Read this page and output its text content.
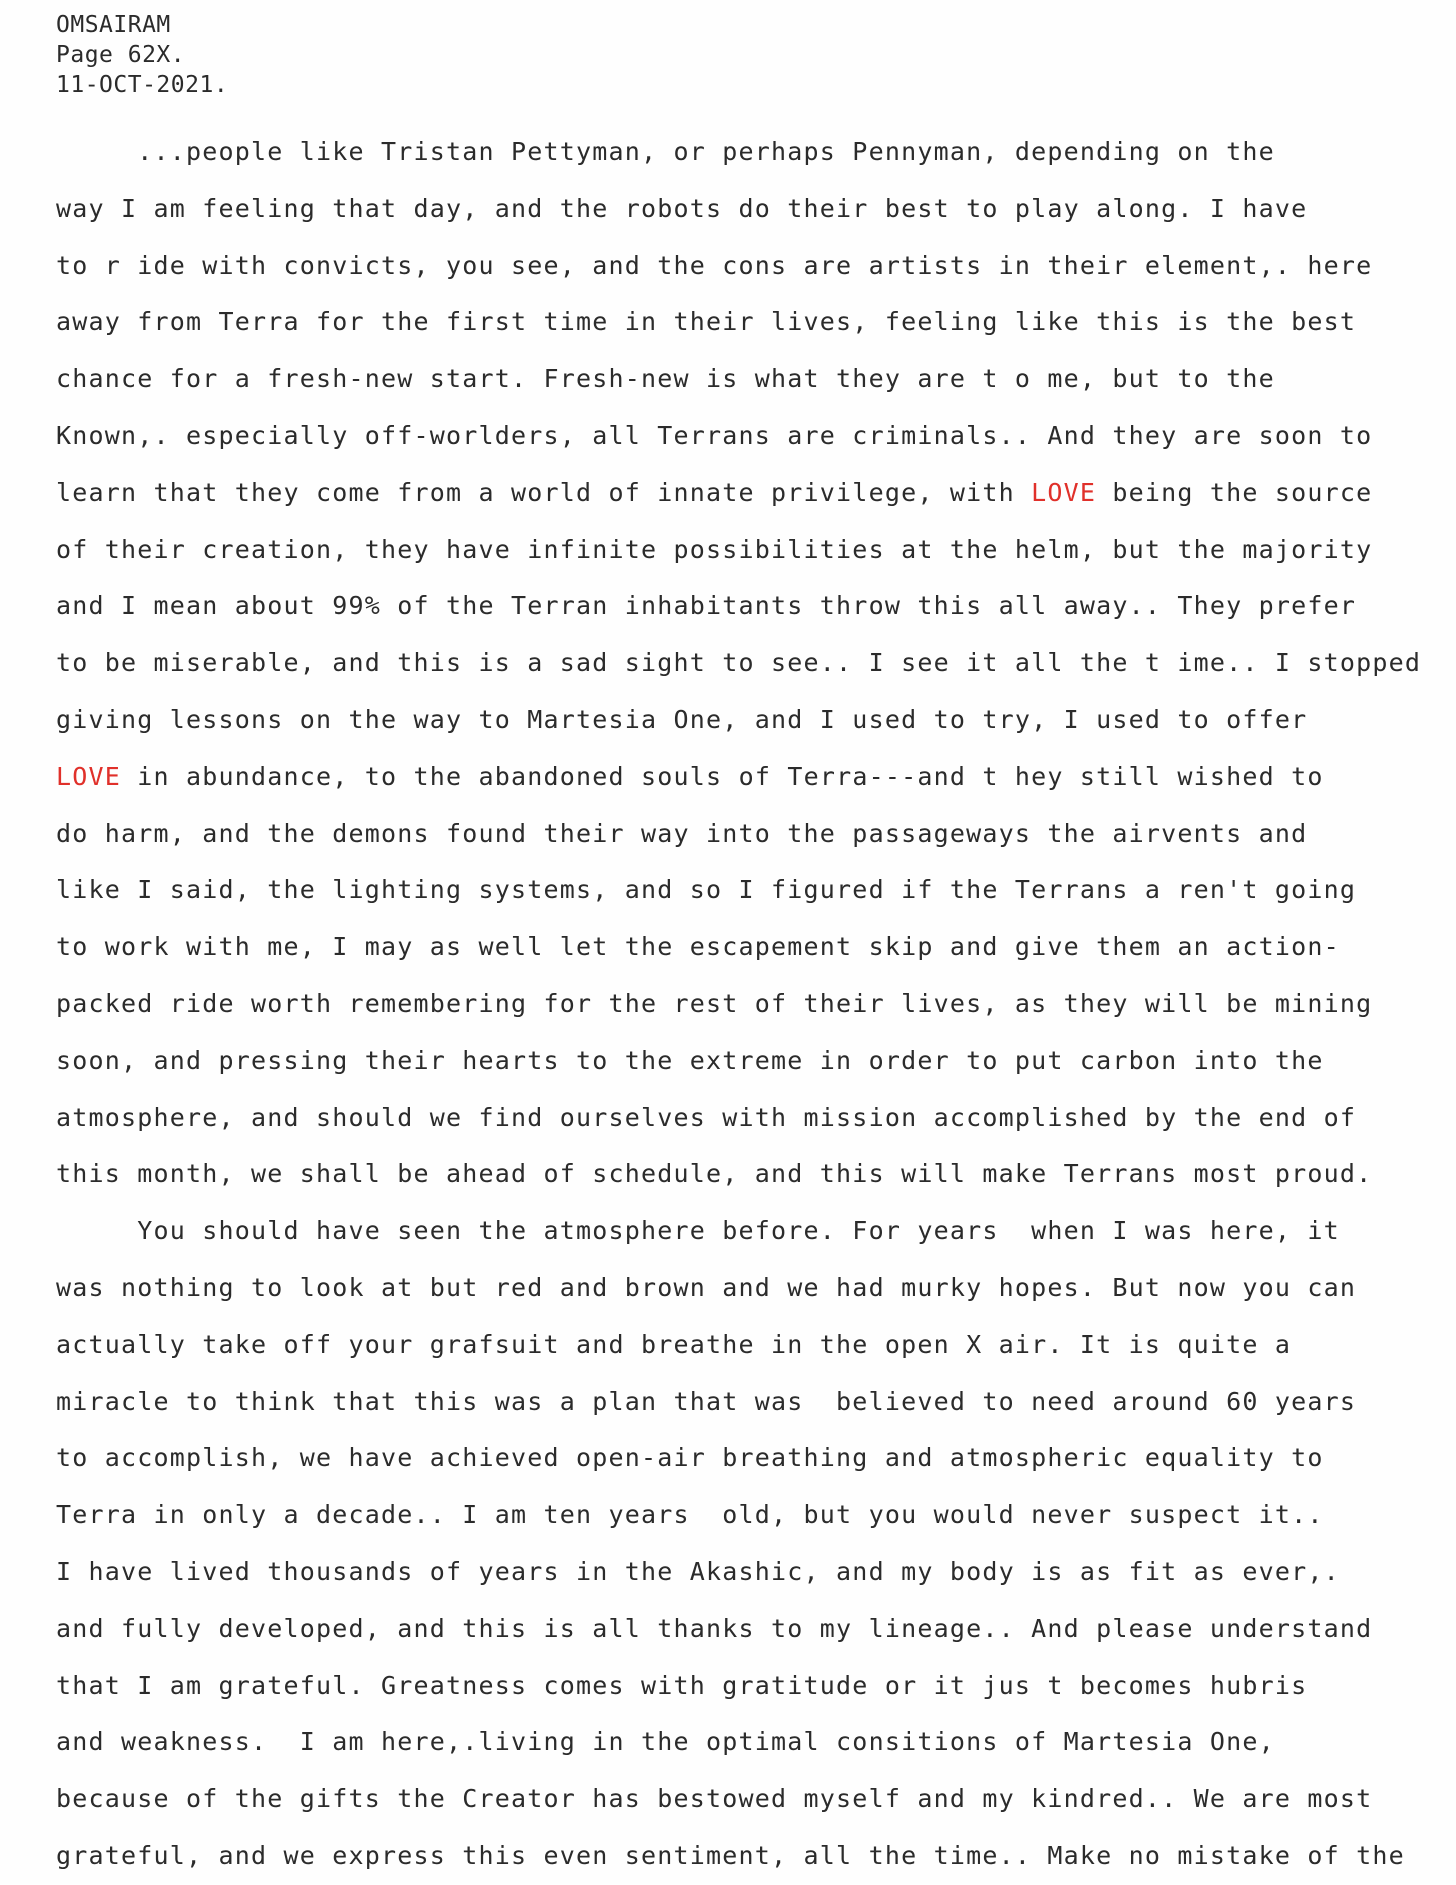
OMSAIRAM
Page 62X.
11-OCT-2021.
...people like Tristan Pettyman, or perhaps Pennyman, depending on the
way I am feeling that day, and the robots do their best to play along. I have
to r ide with convicts, you see, and the cons are artists in their element,. here
away from Terra for the first time in their lives, feeling like this is the best
chance for a fresh-new start. Fresh-new is what they are t o me, but to the
Known,. especially off-worlders, all Terrans are criminals.. And they are soon to
learn that they come from a world of innate privilege, with LOVE being the source
of their creation, they have infinite possibilities at the helm, but the majority
and I mean about 99% of the Terran inhabitants throw this all away.. They prefer
to be miserable, and this is a sad sight to see.. I see it all the t ime.. I stopped
giving lessons on the way to Martesia One, and I used to try, I used to offer
LOVE in abundance, to the abandoned souls of Terra---and t hey still wished to
do harm, and the demons found their way into the passageways the airvents and
like I said, the lighting systems, and so I figured if the Terrans a ren't going
to work with me, I may as well let the escapement skip and give them an action-
packed ride worth remembering for the rest of their lives, as they will be mining
soon, and pressing their hearts to the extreme in order to put carbon into the
atmosphere, and should we find ourselves with mission accomplished by the end of
this month, we shall be ahead of schedule, and this will make Terrans most proud.
You should have seen the atmosphere before. For years  when I was here, it
was nothing to look at but red and brown and we had murky hopes. But now you can
actually take off your grafsuit and breathe in the open X air. It is quite a
miracle to think that this was a plan that was  believed to need around 60 years
to accomplish, we have achieved open-air breathing and atmospheric equality to
Terra in only a decade.. I am ten years  old, but you would never suspect it..
I have lived thousands of years in the Akashic, and my body is as fit as ever,.
and fully developed, and this is all thanks to my lineage.. And please understand
that I am grateful. Greatness comes with gratitude or it jus t becomes hubris
and weakness.  I am here,.living in the optimal consitions of Martesia One,
because of the gifts the Creator has bestowed myself and my kindred.. We are most
grateful, and we express this even sentiment, all the time.. Make no mistake of the
